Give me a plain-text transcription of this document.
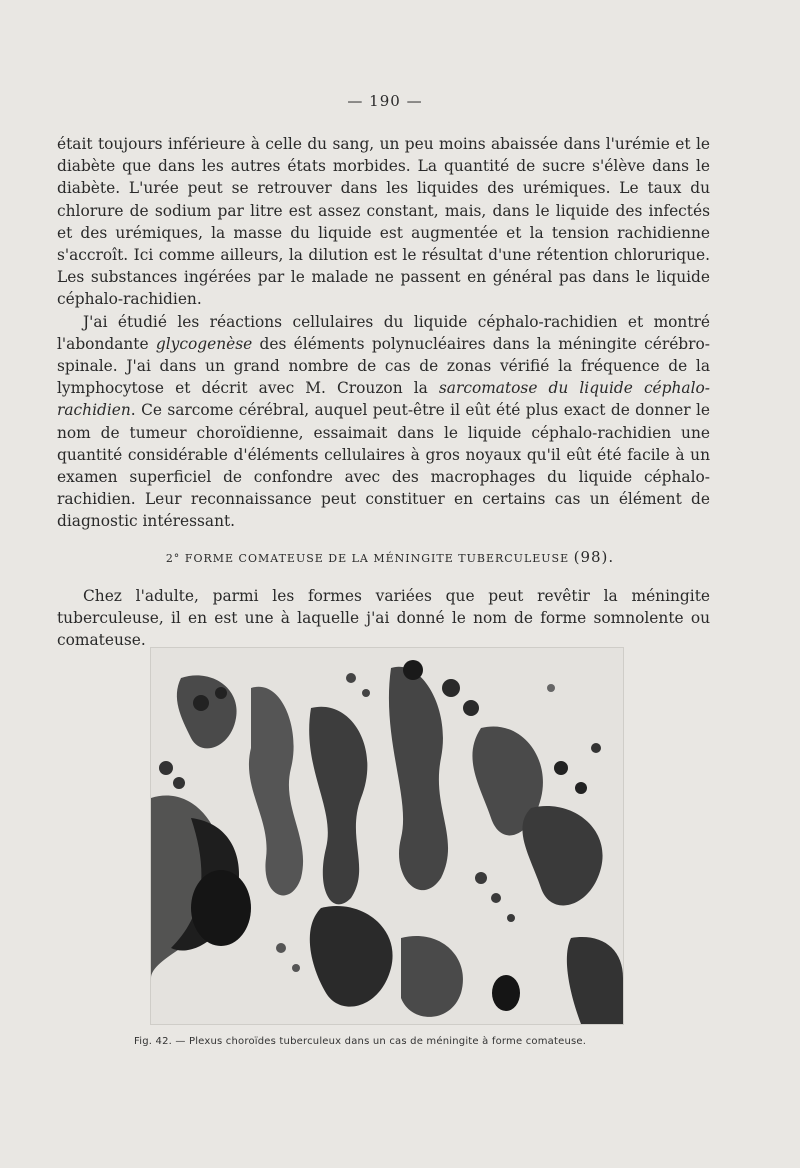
— 190 —

était toujours inférieure à celle du sang, un peu moins abaissée dans l'urémie et le diabète que dans les autres états morbides. La quantité de sucre s'élève dans le diabète. L'urée peut se retrouver dans les liquides des urémiques. Le taux du chlorure de sodium par litre est assez constant, mais, dans le liquide des infectés et des urémiques, la masse du liquide est augmentée et la tension rachidienne s'accroît. Ici comme ailleurs, la dilution est le résultat d'une rétention chlorurique. Les substances ingérées par le malade ne passent en général pas dans le liquide céphalo-rachidien.

J'ai étudié les réactions cellulaires du liquide céphalo-rachidien et montré l'abondante glycogenèse des éléments polynucléaires dans la méningite cérébro-spinale. J'ai dans un grand nombre de cas de zonas vérifié la fréquence de la lymphocytose et décrit avec M. Crouzon la sarcomatose du liquide céphalo-rachidien. Ce sarcome cérébral, auquel peut-être il eût été plus exact de donner le nom de tumeur choroïdienne, essaimait dans le liquide céphalo-rachidien une quantité considérable d'éléments cellulaires à gros noyaux qu'il eût été facile à un examen superficiel de confondre avec des macrophages du liquide céphalo-rachidien. Leur reconnaissance peut constituer en certains cas un élément de diagnostic intéressant.

2° FORME COMATEUSE DE LA MÉNINGITE TUBERCULEUSE (98).

Chez l'adulte, parmi les formes variées que peut revêtir la méningite tuberculeuse, il en est une à laquelle j'ai donné le nom de forme somnolente ou comateuse.

Fig. 42. — Plexus choroïdes tuberculeux dans un cas de méningite à forme comateuse.
